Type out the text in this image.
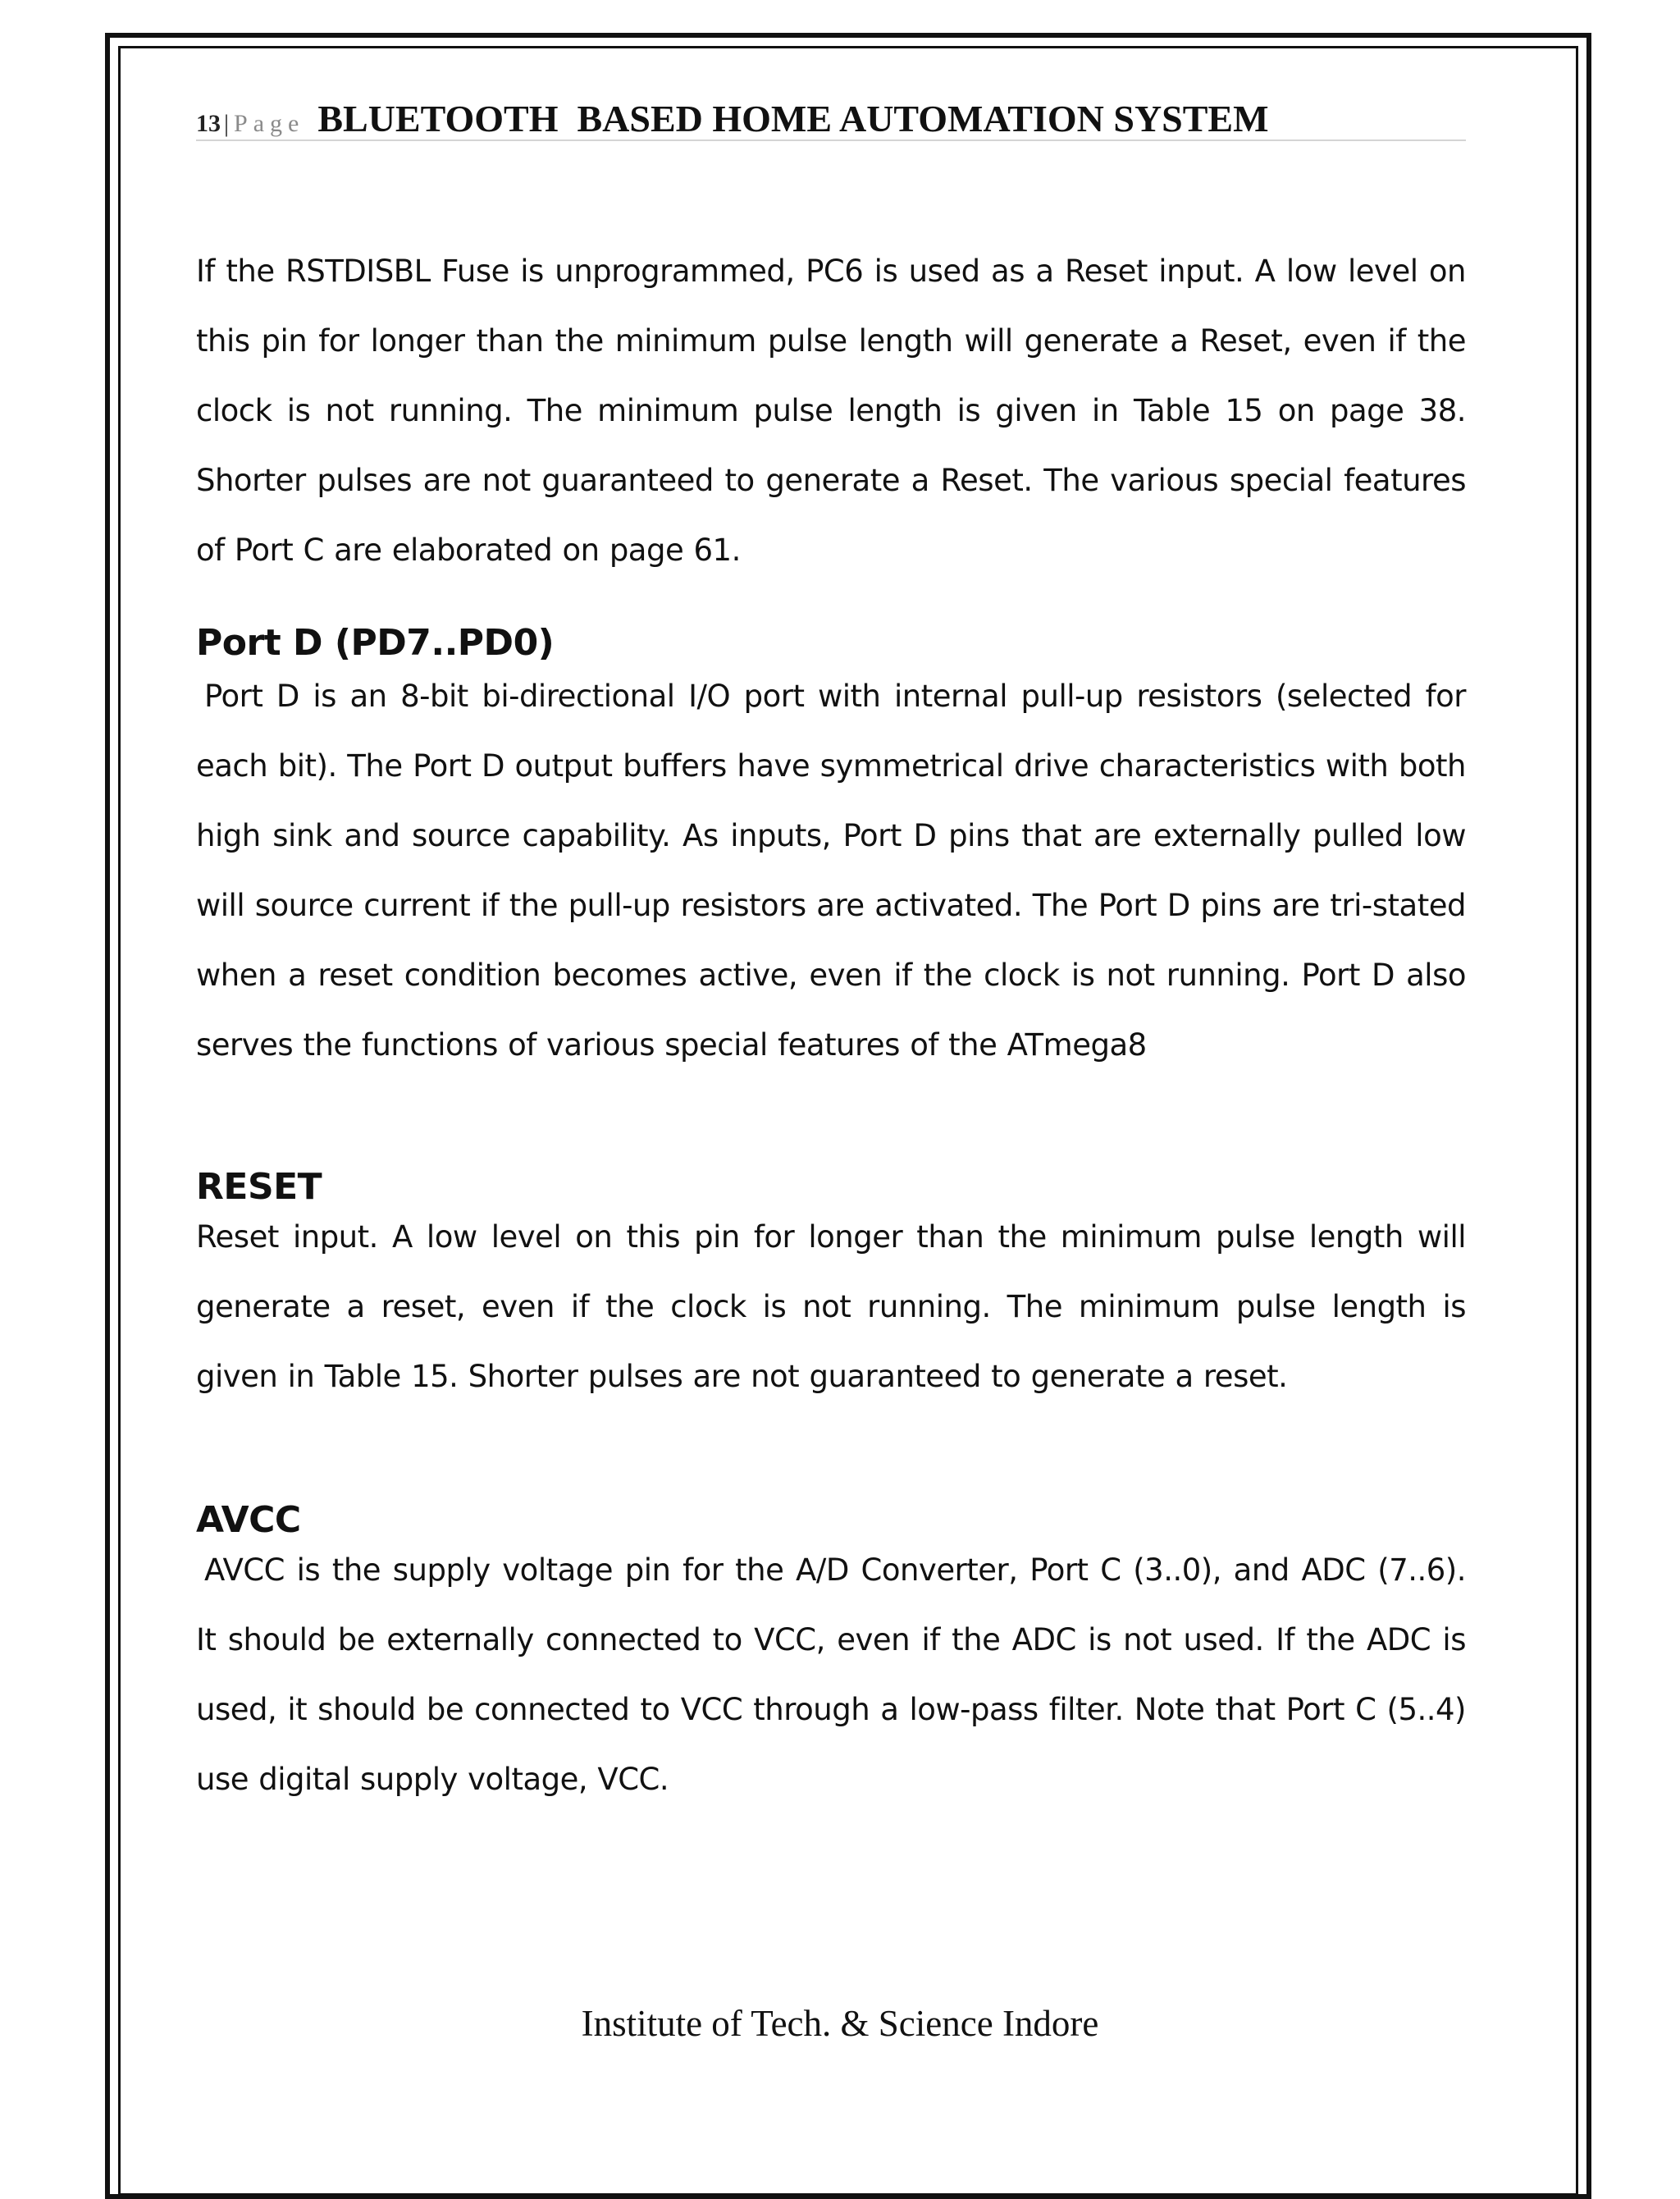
13 | Page BLUETOOTH  BASED HOME AUTOMATION SYSTEM

If the RSTDISBL Fuse is unprogrammed, PC6 is used as a Reset input. A low level on this pin for longer than the minimum pulse length will generate a Reset, even if the clock is not running. The minimum pulse length is given in Table 15 on page 38. Shorter pulses are not guaranteed to generate a Reset. The various special features of Port C are elaborated on page 61.

Port D (PD7..PD0)

Port D is an 8-bit bi-directional I/O port with internal pull-up resistors (selected for each bit). The Port D output buffers have symmetrical drive characteristics with both high sink and source capability. As inputs, Port D pins that are externally pulled low will source current if the pull-up resistors are activated. The Port D pins are tri-stated when a reset condition becomes active, even if the clock is not running. Port D also serves the functions of various special features of the ATmega8

RESET

Reset input. A low level on this pin for longer than the minimum pulse length will generate a reset, even if the clock is not running. The minimum pulse length is given in Table 15. Shorter pulses are not guaranteed to generate a reset.

AVCC

AVCC is the supply voltage pin for the A/D Converter, Port C (3..0), and ADC (7..6). It should be externally connected to VCC, even if the ADC is not used. If the ADC is used, it should be connected to VCC through a low-pass filter. Note that Port C (5..4) use digital supply voltage, VCC.

Institute of Tech. & Science Indore
